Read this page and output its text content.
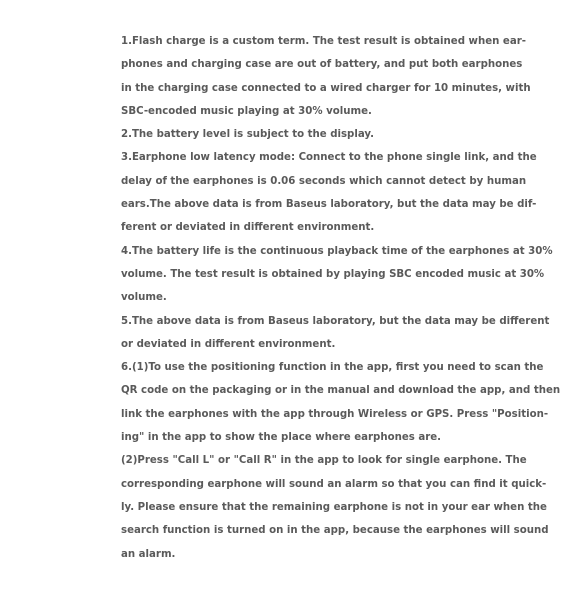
1.Flash charge is a custom term. The test result is obtained when ear-
phones and charging case are out of battery, and put both earphones
in the charging case connected to a wired charger for 10 minutes, with
SBC-encoded music playing at 30% volume.
2.The battery level is subject to the display.
3.Earphone low latency mode: Connect to the phone single link, and the
delay of the earphones is 0.06 seconds which cannot detect by human
ears.The above data is from Baseus laboratory, but the data may be dif-
ferent or deviated in different environment.
4.The battery life is the continuous playback time of the earphones at 30%
volume. The test result is obtained by playing SBC encoded music at 30%
volume.
5.The above data is from Baseus laboratory, but the data may be different
or deviated in different environment.
6.(1)To use the positioning function in the app, first you need to scan the
QR code on the packaging or in the manual and download the app, and then
link the earphones with the app through Wireless or GPS. Press "Position-
ing" in the app to show the place where earphones are.
(2)Press "Call L" or "Call R" in the app to look for single earphone. The
corresponding earphone will sound an alarm so that you can find it quick-
ly. Please ensure that the remaining earphone is not in your ear when the
search function is turned on in the app, because the earphones will sound
an alarm.
